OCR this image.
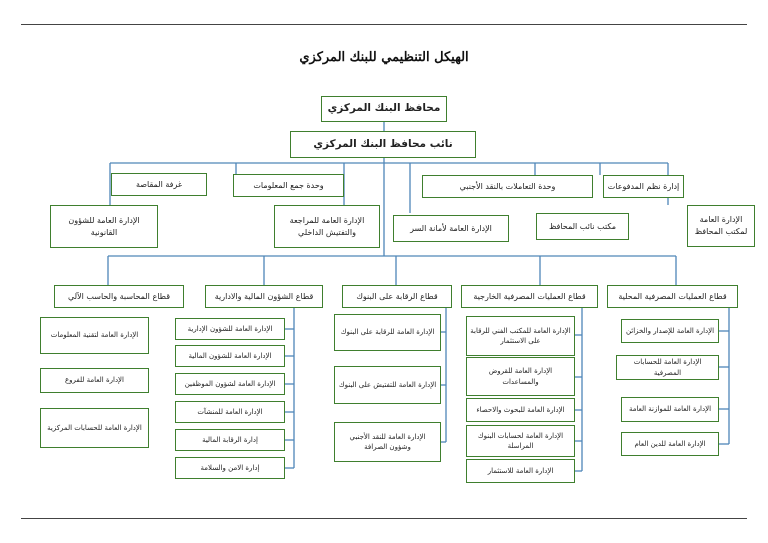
الهيكل التنظيمي للبنك المركزي
محافظ البنك المركزي
نائب محافظ البنك المركزي
إدارة نظم المدفوعات
وحدة التعاملات بالنقد الأجنبي
وحدة جمع المعلومات
غرفة المقاصة
الإدارة العامة لمكتب المحافظ
مكتب نائب المحافظ
الإدارة العامة لأمانة السر
الإدارة العامة للمراجعة والتفتيش الداخلي
الإدارة العامة للشؤون القانونية
قطاع العمليات المصرفية المحلية
الإدارة العامة للإصدار والخزائن
الإدارة العامة للحسابات المصرفية
الإدارة العامة للموازنة العامة
الإدارة العامة للدين العام
قطاع العمليات المصرفية الخارجية
الإدارة العامة للمكتب الفني للرقابة على الاستثمار
الإدارة العامة للقروض والمساعدات
الإدارة العامة للبحوث والاحصاء
الإدارة العامة لحسابات البنوك المراسلة
الإدارة العامة للاستثمار
قطاع الرقابة على البنوك
الإدارة العامة للرقابة على البنوك
الإدارة العامة للتفتيش على البنوك
الإدارة العامة للنقد الأجنبي وشؤون الصرافة
قطاع الشؤون المالية والادارية
الإدارة العامة للشؤون الإدارية
الإدارة العامة للشؤون المالية
الإدارة العامة لشؤون الموظفين
الإدارة العامة للمنشآت
إدارة الرقابة المالية
إدارة الامن والسلامة
قطاع المحاسبة والحاسب الآلي
الإدارة العامة لتقنية المعلومات
الإدارة العامة للفروع
الإدارة العامة للحسابات المركزية
